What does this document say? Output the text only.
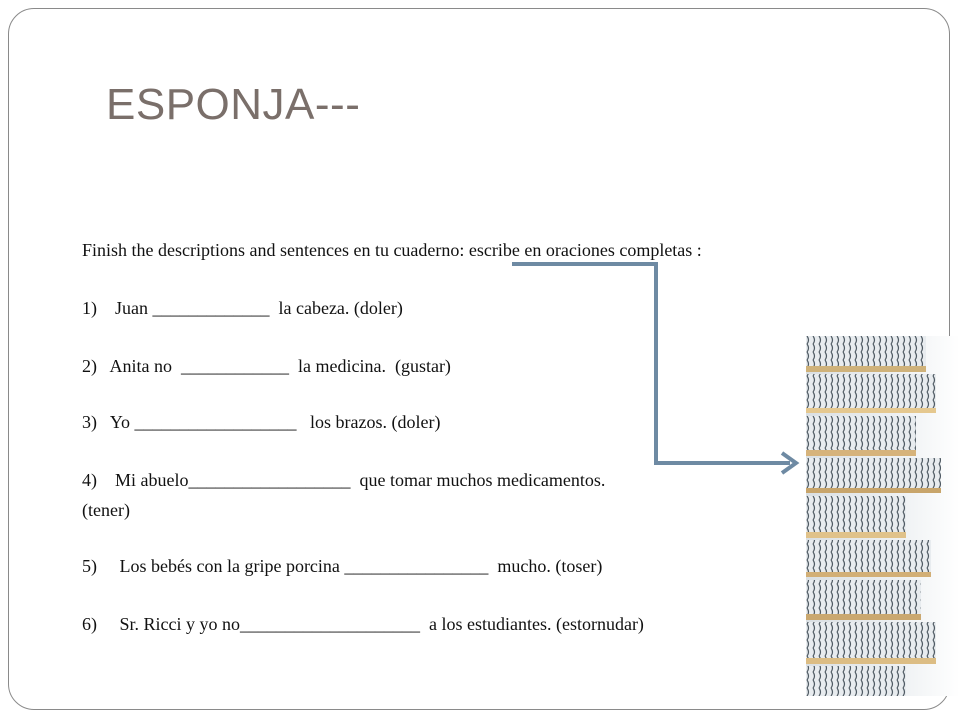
ESPONJA---

Finish the descriptions and sentences en tu cuaderno: escribe en oraciones completas :

1)    Juan _____________  la cabeza. (doler)

2)   Anita no  ____________  la medicina.  (gustar)

3)   Yo __________________   los brazos. (doler)

4)    Mi abuelo__________________  que tomar muchos medicamentos.

(tener)

5)     Los bebés con la gripe porcina ________________  mucho. (toser)

6)     Sr. Ricci y yo no____________________  a los estudiantes. (estornudar)
